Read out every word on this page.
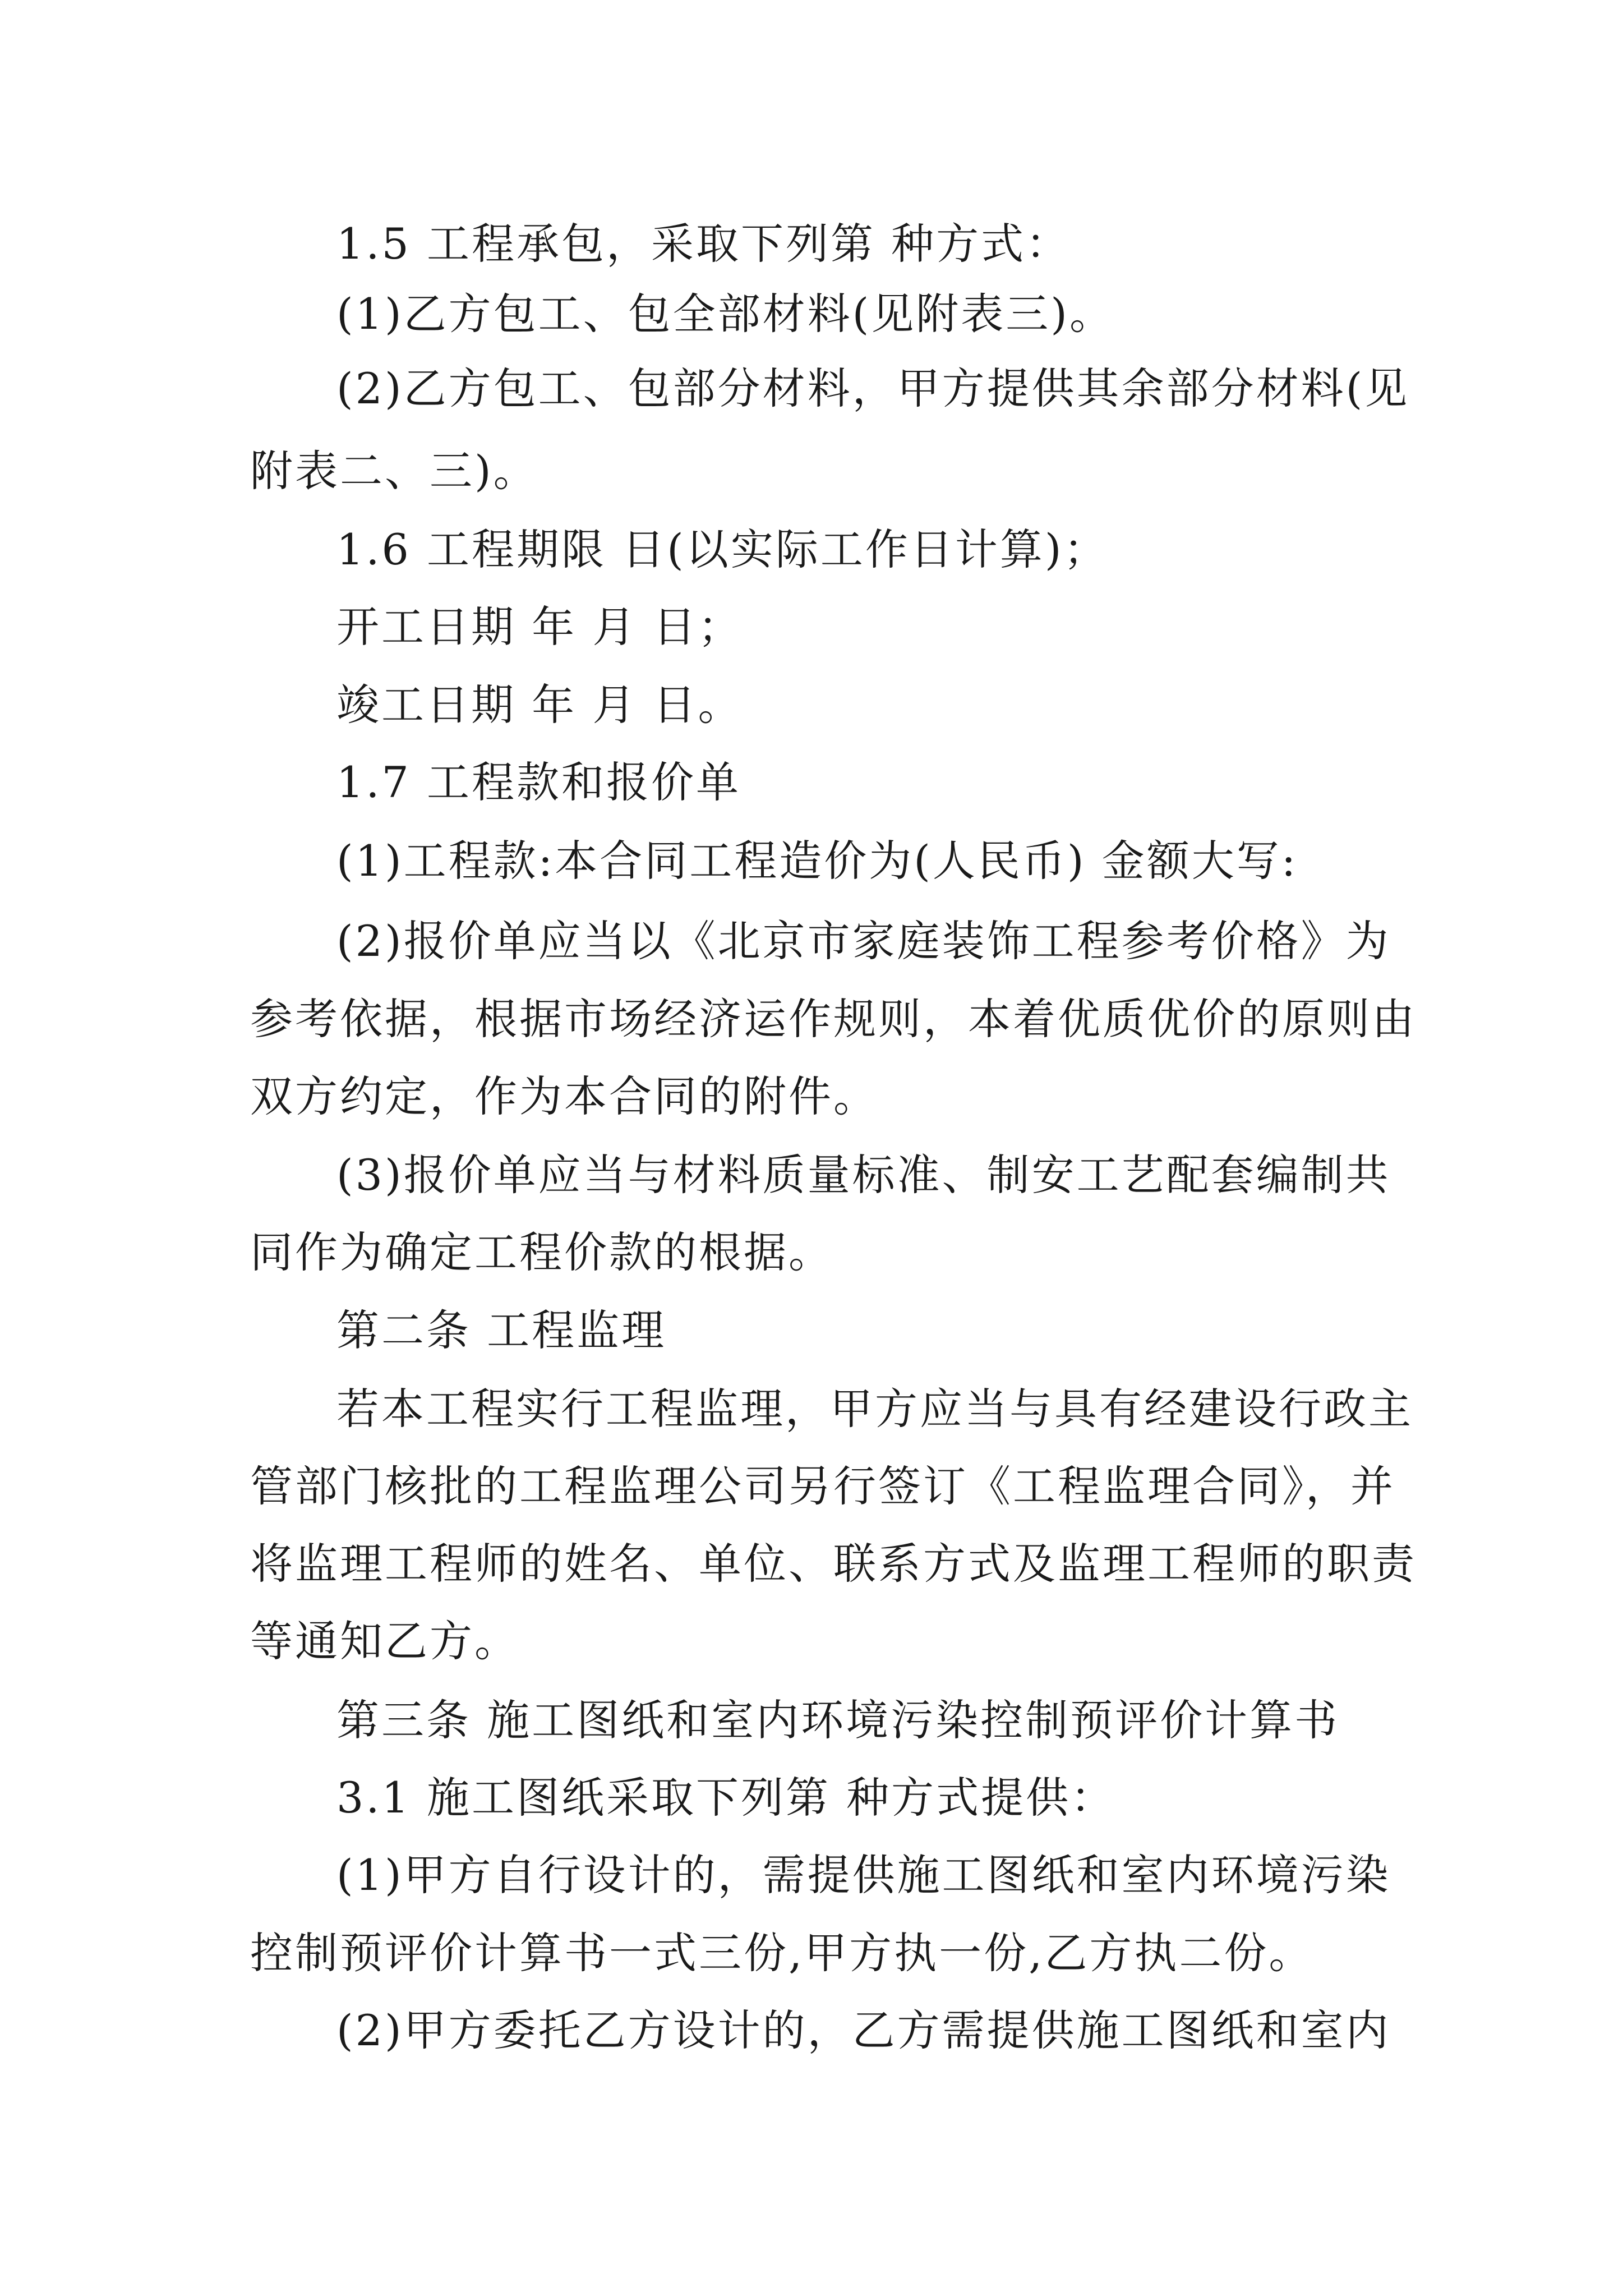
1.5 工程承包，采取下列第 种方式：
(1)乙方包工、包全部材料(见附表三)。
(2)乙方包工、包部分材料，甲方提供其余部分材料(见
附表二、三)。
1.6 工程期限 日(以实际工作日计算)；
开工日期 年 月 日；
竣工日期 年 月 日。
1.7 工程款和报价单
(1)工程款:本合同工程造价为(人民币) 金额大写:
(2)报价单应当以《北京市家庭装饰工程参考价格》为
参考依据，根据市场经济运作规则，本着优质优价的原则由
双方约定，作为本合同的附件。
(3)报价单应当与材料质量标准、制安工艺配套编制共
同作为确定工程价款的根据。
第二条 工程监理
若本工程实行工程监理，甲方应当与具有经建设行政主
管部门核批的工程监理公司另行签订《工程监理合同》，并
将监理工程师的姓名、单位、联系方式及监理工程师的职责
等通知乙方。
第三条 施工图纸和室内环境污染控制预评价计算书
3.1 施工图纸采取下列第 种方式提供：
(1)甲方自行设计的，需提供施工图纸和室内环境污染
控制预评价计算书一式三份,甲方执一份,乙方执二份。
(2)甲方委托乙方设计的，乙方需提供施工图纸和室内
